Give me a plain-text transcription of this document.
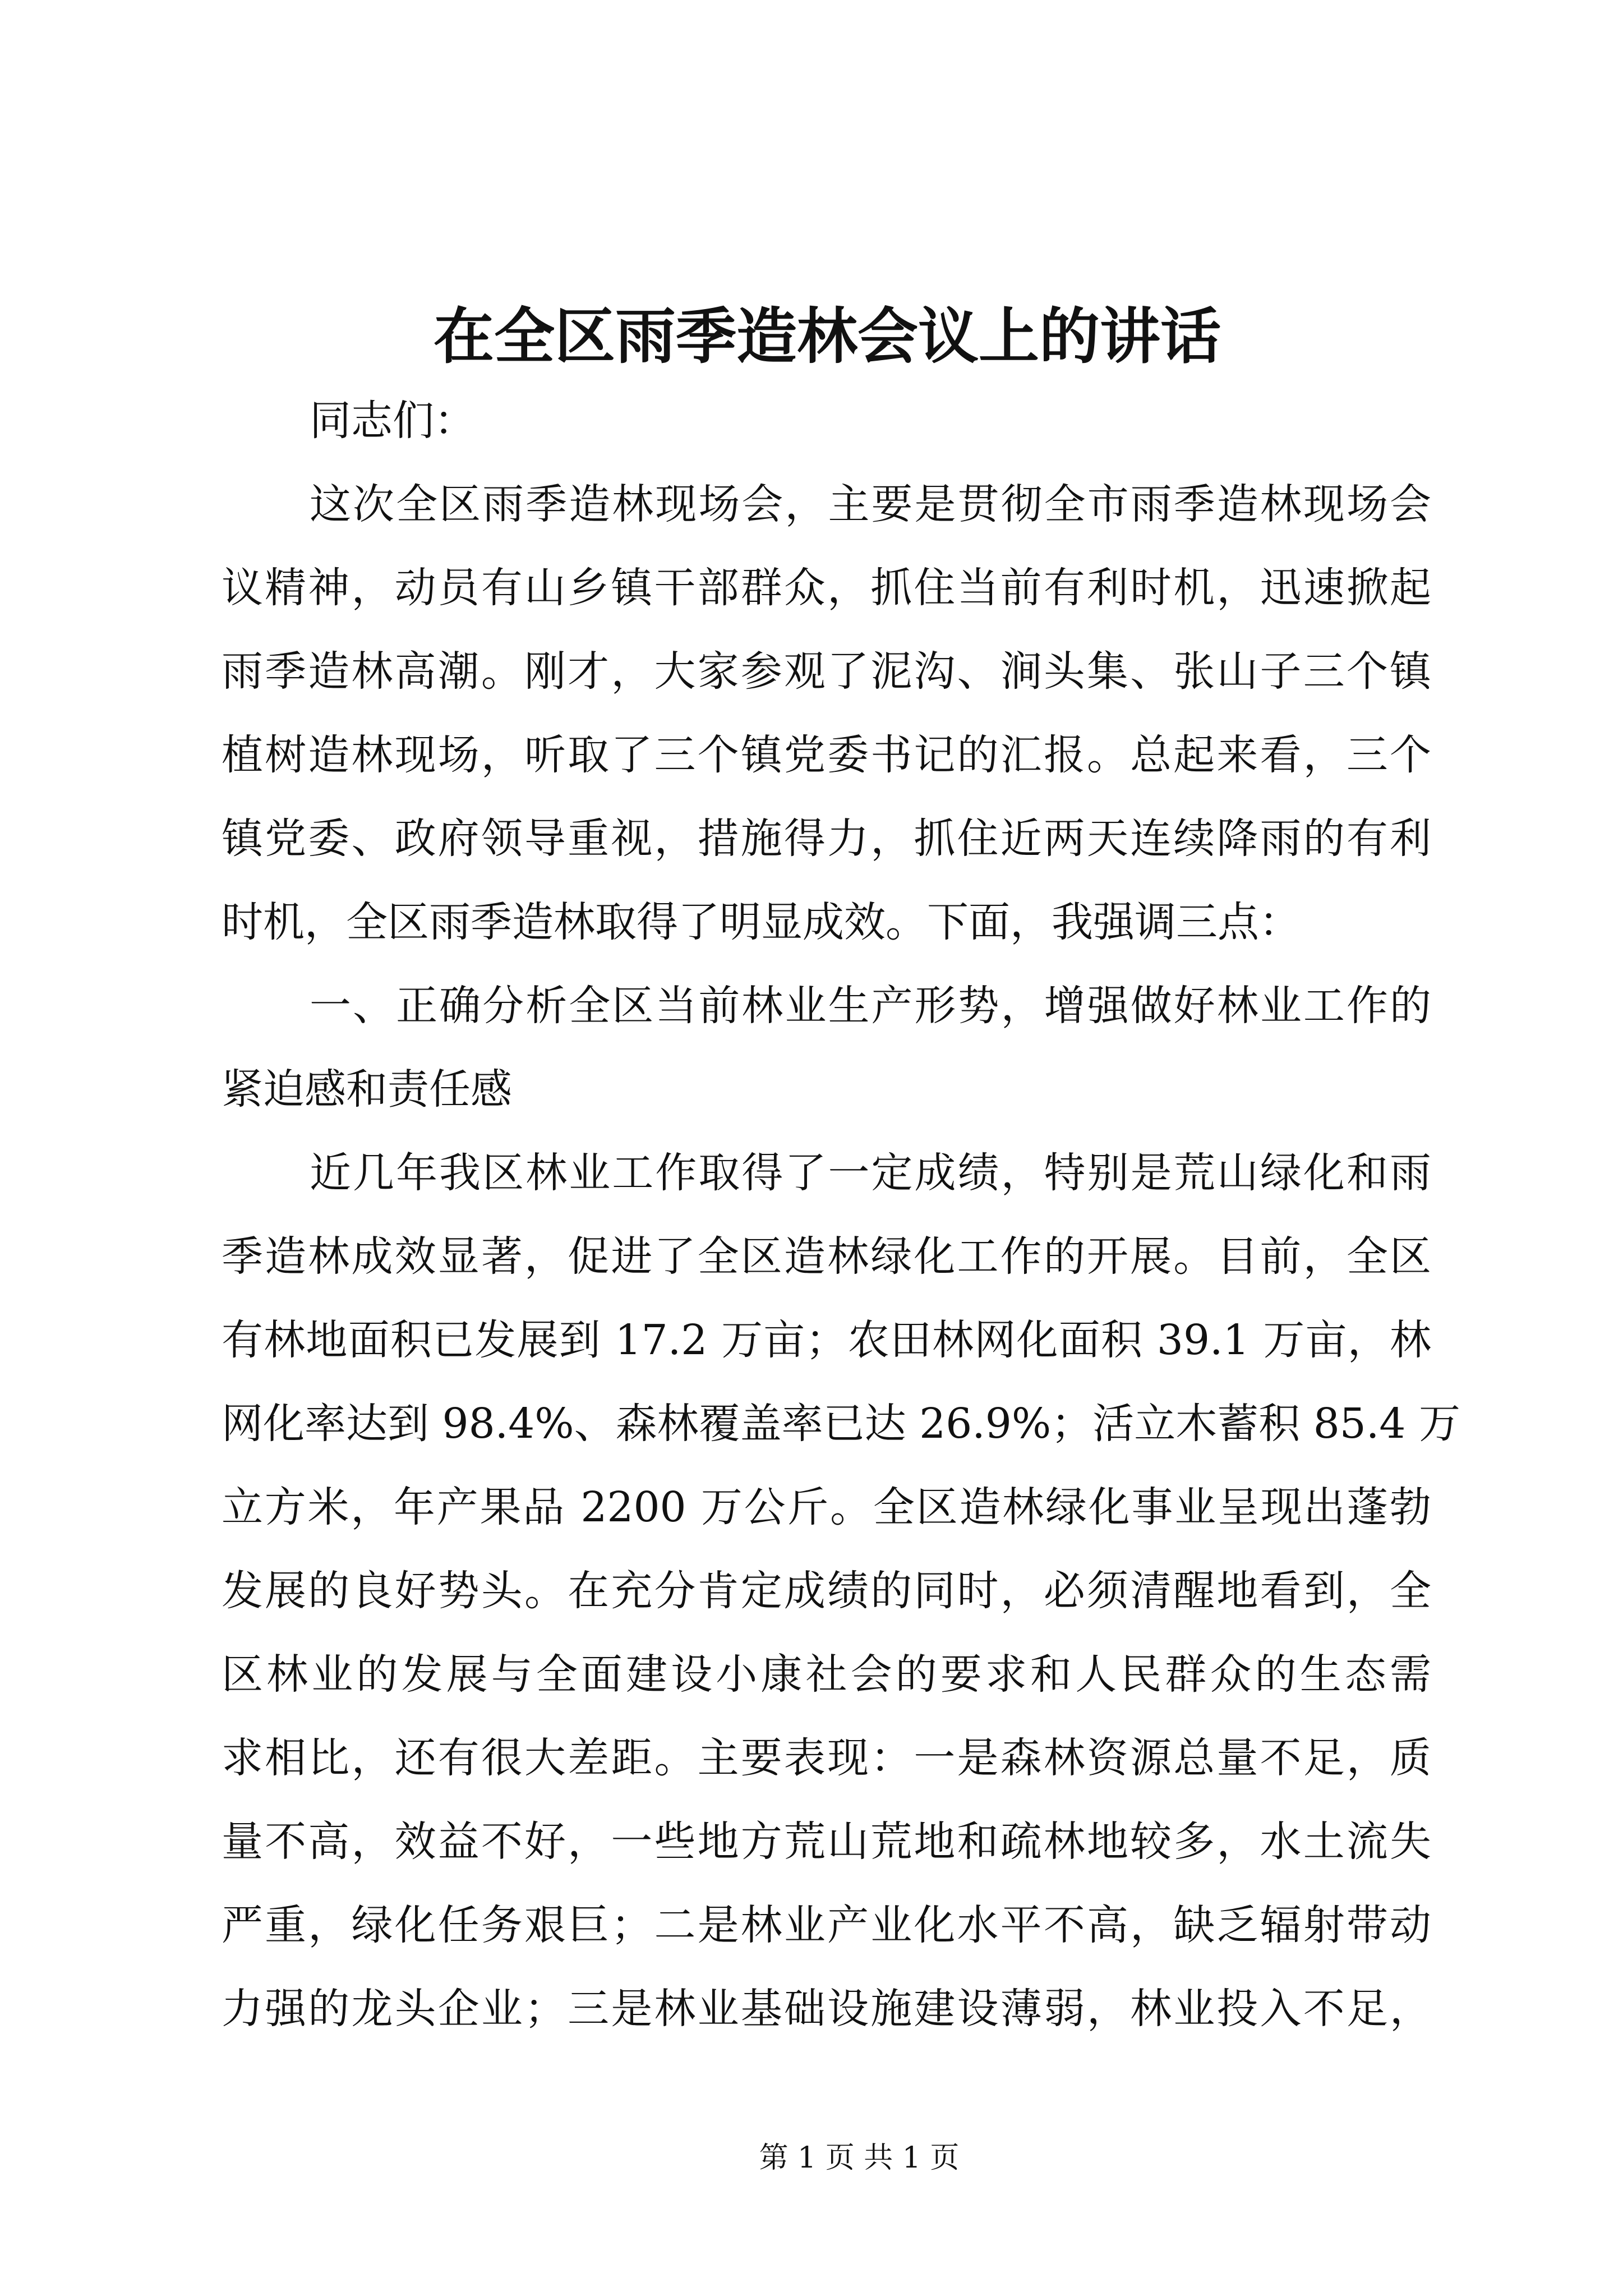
在全区雨季造林会议上的讲话
同志们：
这次全区雨季造林现场会，主要是贯彻全市雨季造林现场会
议精神，动员有山乡镇干部群众，抓住当前有利时机，迅速掀起
雨季造林高潮。刚才，大家参观了泥沟、涧头集、张山子三个镇
植树造林现场，听取了三个镇党委书记的汇报。总起来看，三个
镇党委、政府领导重视，措施得力，抓住近两天连续降雨的有利
时机，全区雨季造林取得了明显成效。下面，我强调三点：
一、正确分析全区当前林业生产形势，增强做好林业工作的
紧迫感和责任感
近几年我区林业工作取得了一定成绩，特别是荒山绿化和雨
季造林成效显著，促进了全区造林绿化工作的开展。目前，全区
有林地面积已发展到 17.2 万亩；农田林网化面积 39.1 万亩，林
网化率达到 98.4%、森林覆盖率已达 26.9%；活立木蓄积 85.4 万
立方米，年产果品 2200 万公斤。全区造林绿化事业呈现出蓬勃
发展的良好势头。在充分肯定成绩的同时，必须清醒地看到，全
区林业的发展与全面建设小康社会的要求和人民群众的生态需
求相比，还有很大差距。主要表现：一是森林资源总量不足，质
量不高，效益不好，一些地方荒山荒地和疏林地较多，水土流失
严重，绿化任务艰巨；二是林业产业化水平不高，缺乏辐射带动
力强的龙头企业；三是林业基础设施建设薄弱，林业投入不足，
第 1 页 共 1 页
